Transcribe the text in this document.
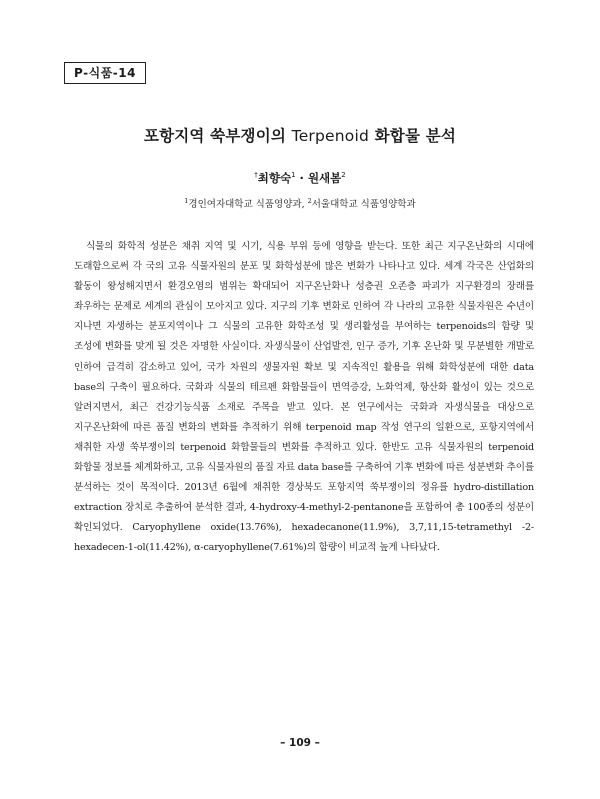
P-식품-14
포항지역 쑥부쟁이의 Terpenoid 화합물 분석
†최향숙$^1$ · 원새봄$^2$
$^1$경인여자대학교 식품영양과, $^2$서울대학교 식품영양학과

식물의 화학적 성분은 채취 지역 및 시기, 식용 부위 등에 영향을 받는다. 또한 최근 지구온난화의 시대에 도래함으로써 각 국의 고유 식물자원의 분포 및 화학성분에 많은 변화가 나타나고 있다. 세계 각국은 산업화의 활동이 왕성해지면서 환경오염의 범위는 확대되어 지구온난화나 성층권 오존층 파괴가 지구환경의 장래를 좌우하는 문제로 세계의 관심이 모아지고 있다. 지구의 기후 변화로 인하여 각 나라의 고유한 식물자원은 수년이 지나면 자생하는 분포지역이나 그 식물의 고유한 화학조성 및 생리활성을 부여하는 terpenoids의 함량 및 조성에 변화를 맞게 될 것은 자명한 사실이다. 자생식물이 산업발전, 인구 증가, 기후 온난화 및 무분별한 개발로 인하여 급격히 감소하고 있어, 국가 차원의 생물자원 확보 및 지속적인 활용을 위해 화학성분에 대한 data base의 구축이 필요하다. 국화과 식물의 테르펜 화합물들이 면역증강, 노화억제, 항산화 활성이 있는 것으로 알려지면서, 최근 건강기능식품 소재로 주목을 받고 있다. 본 연구에서는 국화과 자생식물을 대상으로 지구온난화에 따른 품질 변화의 변화를 추적하기 위해 terpenoid map 작성 연구의 일환으로, 포항지역에서 채취한 자생 쑥부쟁이의 terpenoid 화합물들의 변화를 추적하고 있다. 한반도 고유 식물자원의 terpenoid 화합물 정보를 체계화하고, 고유 식물자원의 품질 자료 data base를 구축하여 기후 변화에 따른 성분변화 추이를 분석하는 것이 목적이다. 2013년 6월에 채취한 경상북도 포항지역 쑥부쟁이의 정유를 hydro-distillation extraction 장치로 추출하여 분석한 결과, 4-hydroxy-4-methyl-2-pentanone을 포함하여 총 100종의 성분이 확인되었다. Caryophyllene oxide(13.76%), hexadecanone(11.9%), 3,7,11,15-tetramethyl -2-hexadecen-1-ol(11.42%), α-caryophyllene(7.61%)의 함량이 비교적 높게 나타났다.

– 109 –
